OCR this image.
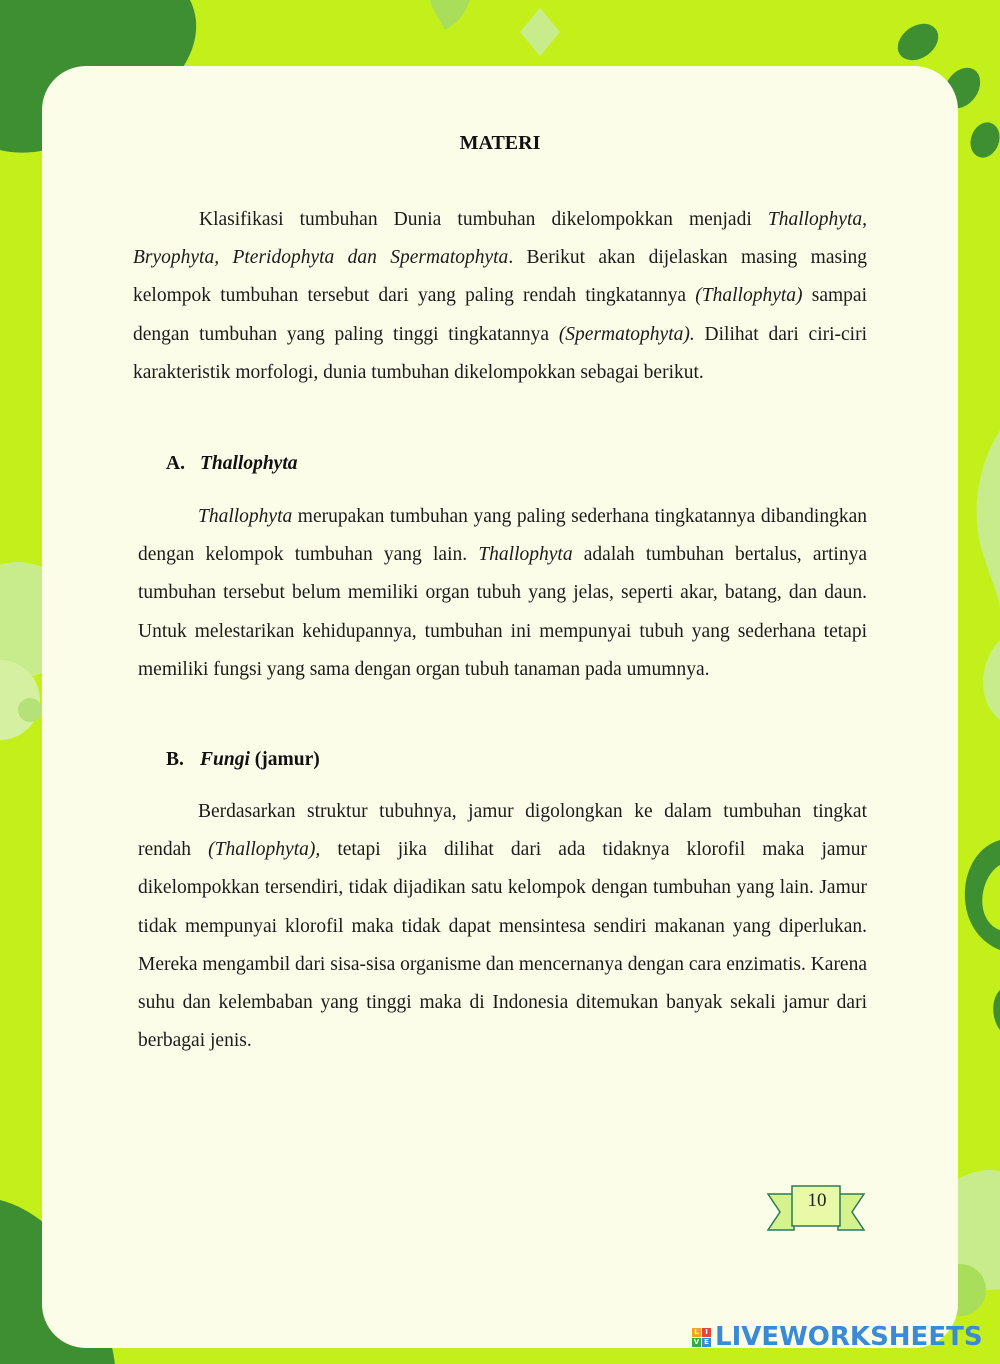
MATERI

Klasifikasi tumbuhan Dunia tumbuhan dikelompokkan menjadi Thallophyta, Bryophyta, Pteridophyta dan Spermatophyta. Berikut akan dijelaskan masing masing kelompok tumbuhan tersebut dari yang paling rendah tingkatannya (Thallophyta) sampai dengan tumbuhan yang paling tinggi tingkatannya (Spermatophyta). Dilihat dari ciri-ciri karakteristik morfologi, dunia tumbuhan dikelompokkan sebagai berikut.

A. Thallophyta

Thallophyta merupakan tumbuhan yang paling sederhana tingkatannya dibandingkan dengan kelompok tumbuhan yang lain. Thallophyta adalah tumbuhan bertalus, artinya tumbuhan tersebut belum memiliki organ tubuh yang jelas, seperti akar, batang, dan daun. Untuk melestarikan kehidupannya, tumbuhan ini mempunyai tubuh yang sederhana tetapi memiliki fungsi yang sama dengan organ tubuh tanaman pada umumnya.

B. Fungi (jamur)

Berdasarkan struktur tubuhnya, jamur digolongkan ke dalam tumbuhan tingkat rendah (Thallophyta), tetapi jika dilihat dari ada tidaknya klorofil maka jamur dikelompokkan tersendiri, tidak dijadikan satu kelompok dengan tumbuhan yang lain. Jamur tidak mempunyai klorofil maka tidak dapat mensintesa sendiri makanan yang diperlukan. Mereka mengambil dari sisa-sisa organisme dan mencernanya dengan cara enzimatis. Karena suhu dan kelembaban yang tinggi maka di Indonesia ditemukan banyak sekali jamur dari berbagai jenis.

10
L I
V E LIVEWORKSHEETS
